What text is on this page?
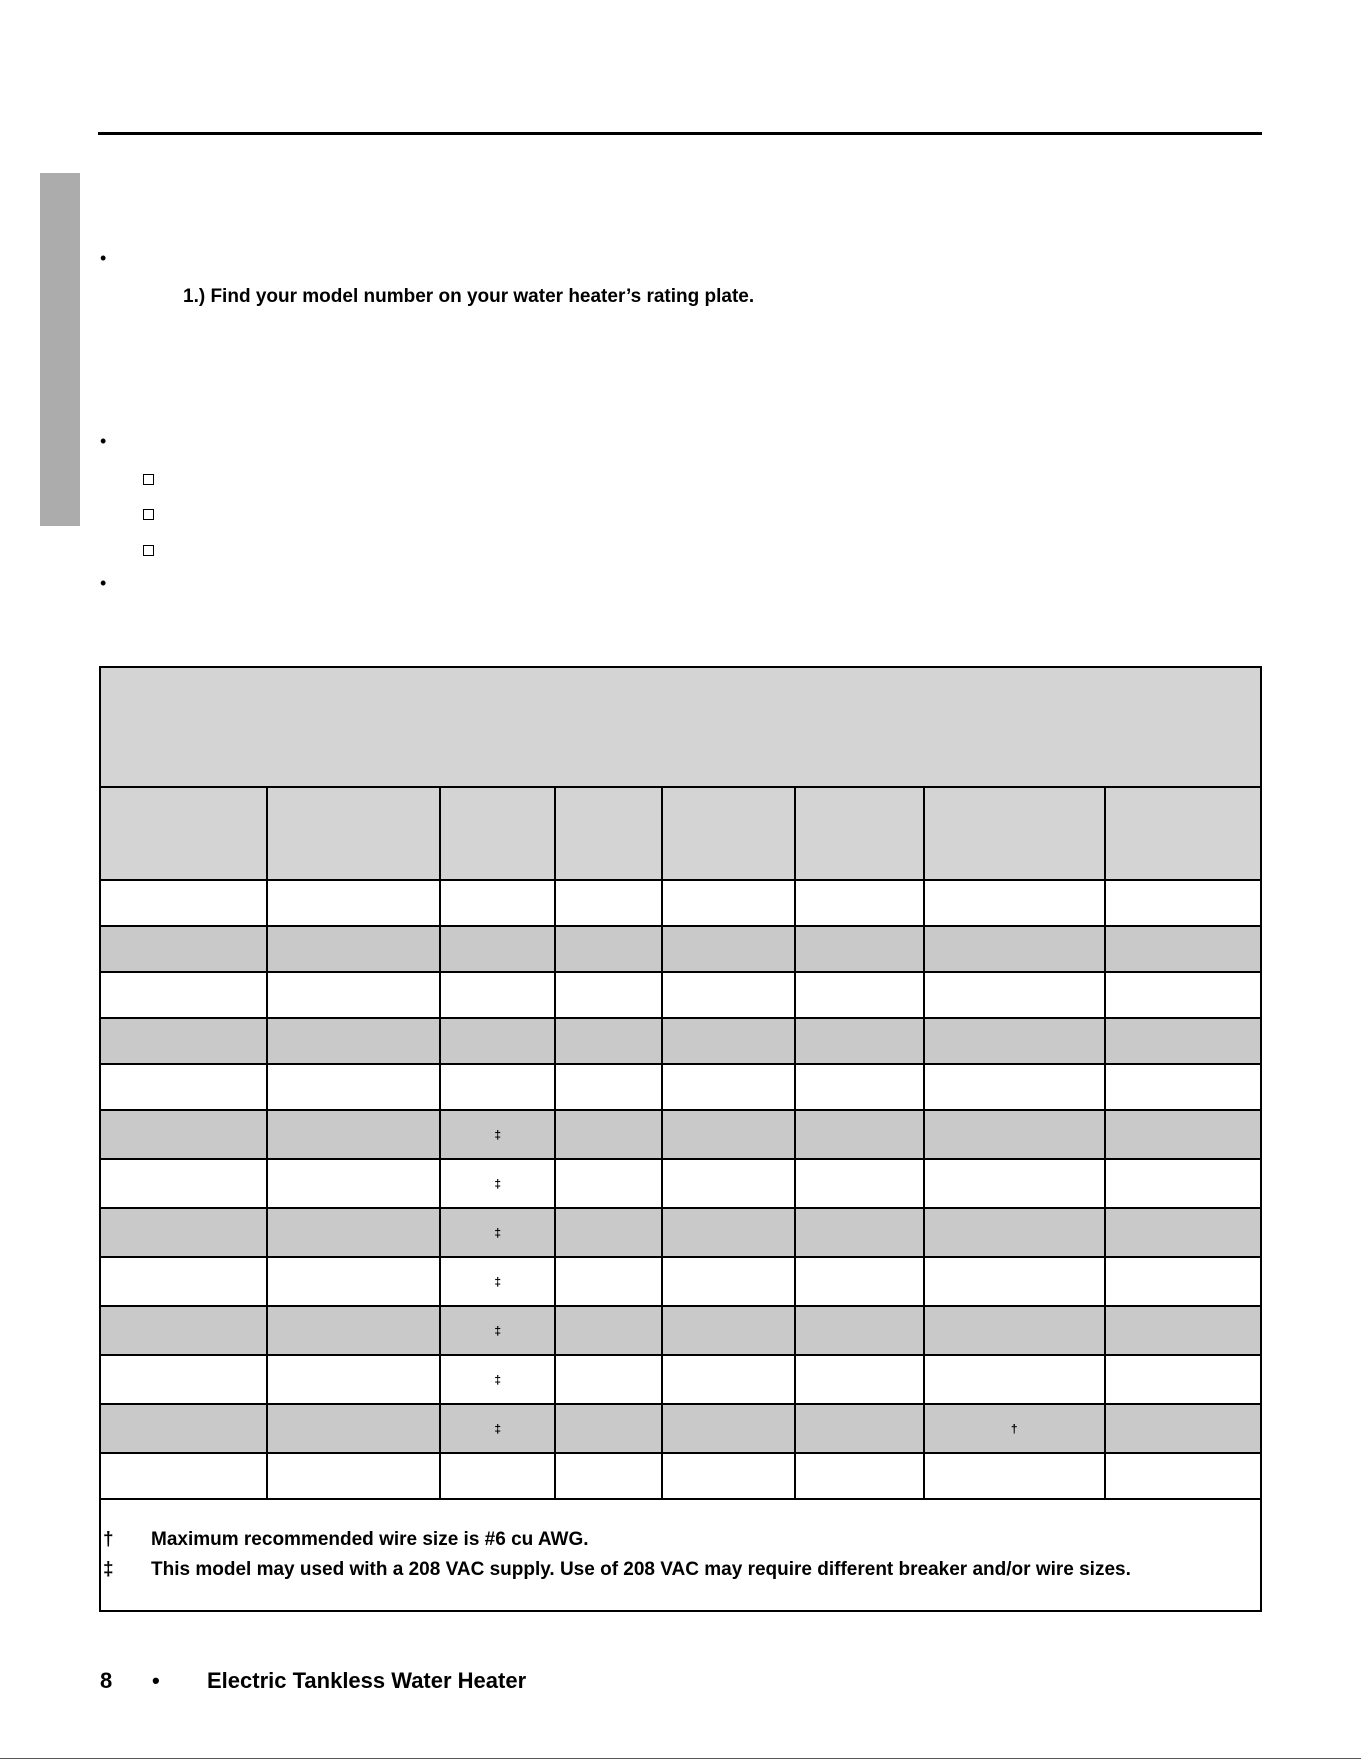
•
1.) Find your model number on your water heater’s rating plate.
•
•

		‡					
		‡					
		‡					
		‡					
		‡					
		‡					
		‡				†	

† Maximum recommended wire size is #6 cu AWG.
‡ This model may used with a 208 VAC supply. Use of 208 VAC may require different breaker and/or wire sizes.							
8 • Electric Tankless Water Heater
